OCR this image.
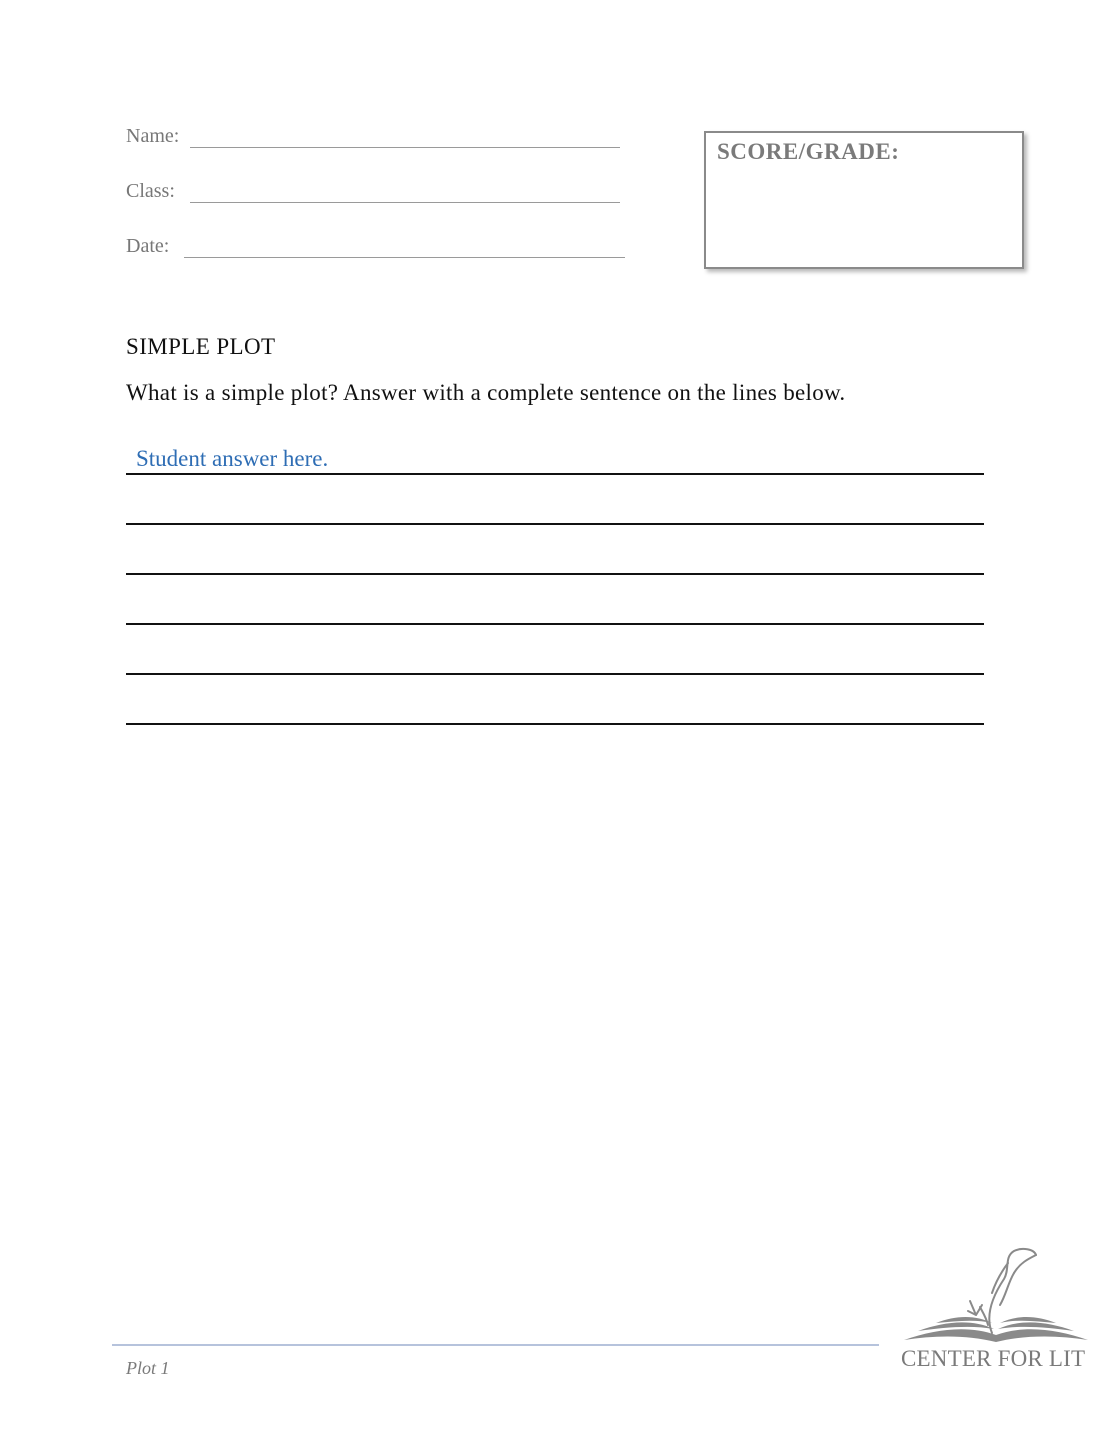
Name:
Class:
Date:
SCORE/GRADE:
SIMPLE PLOT
What is a simple plot? Answer with a complete sentence on the lines below.
Student answer here.
Plot 1	CENTER FOR LIT
